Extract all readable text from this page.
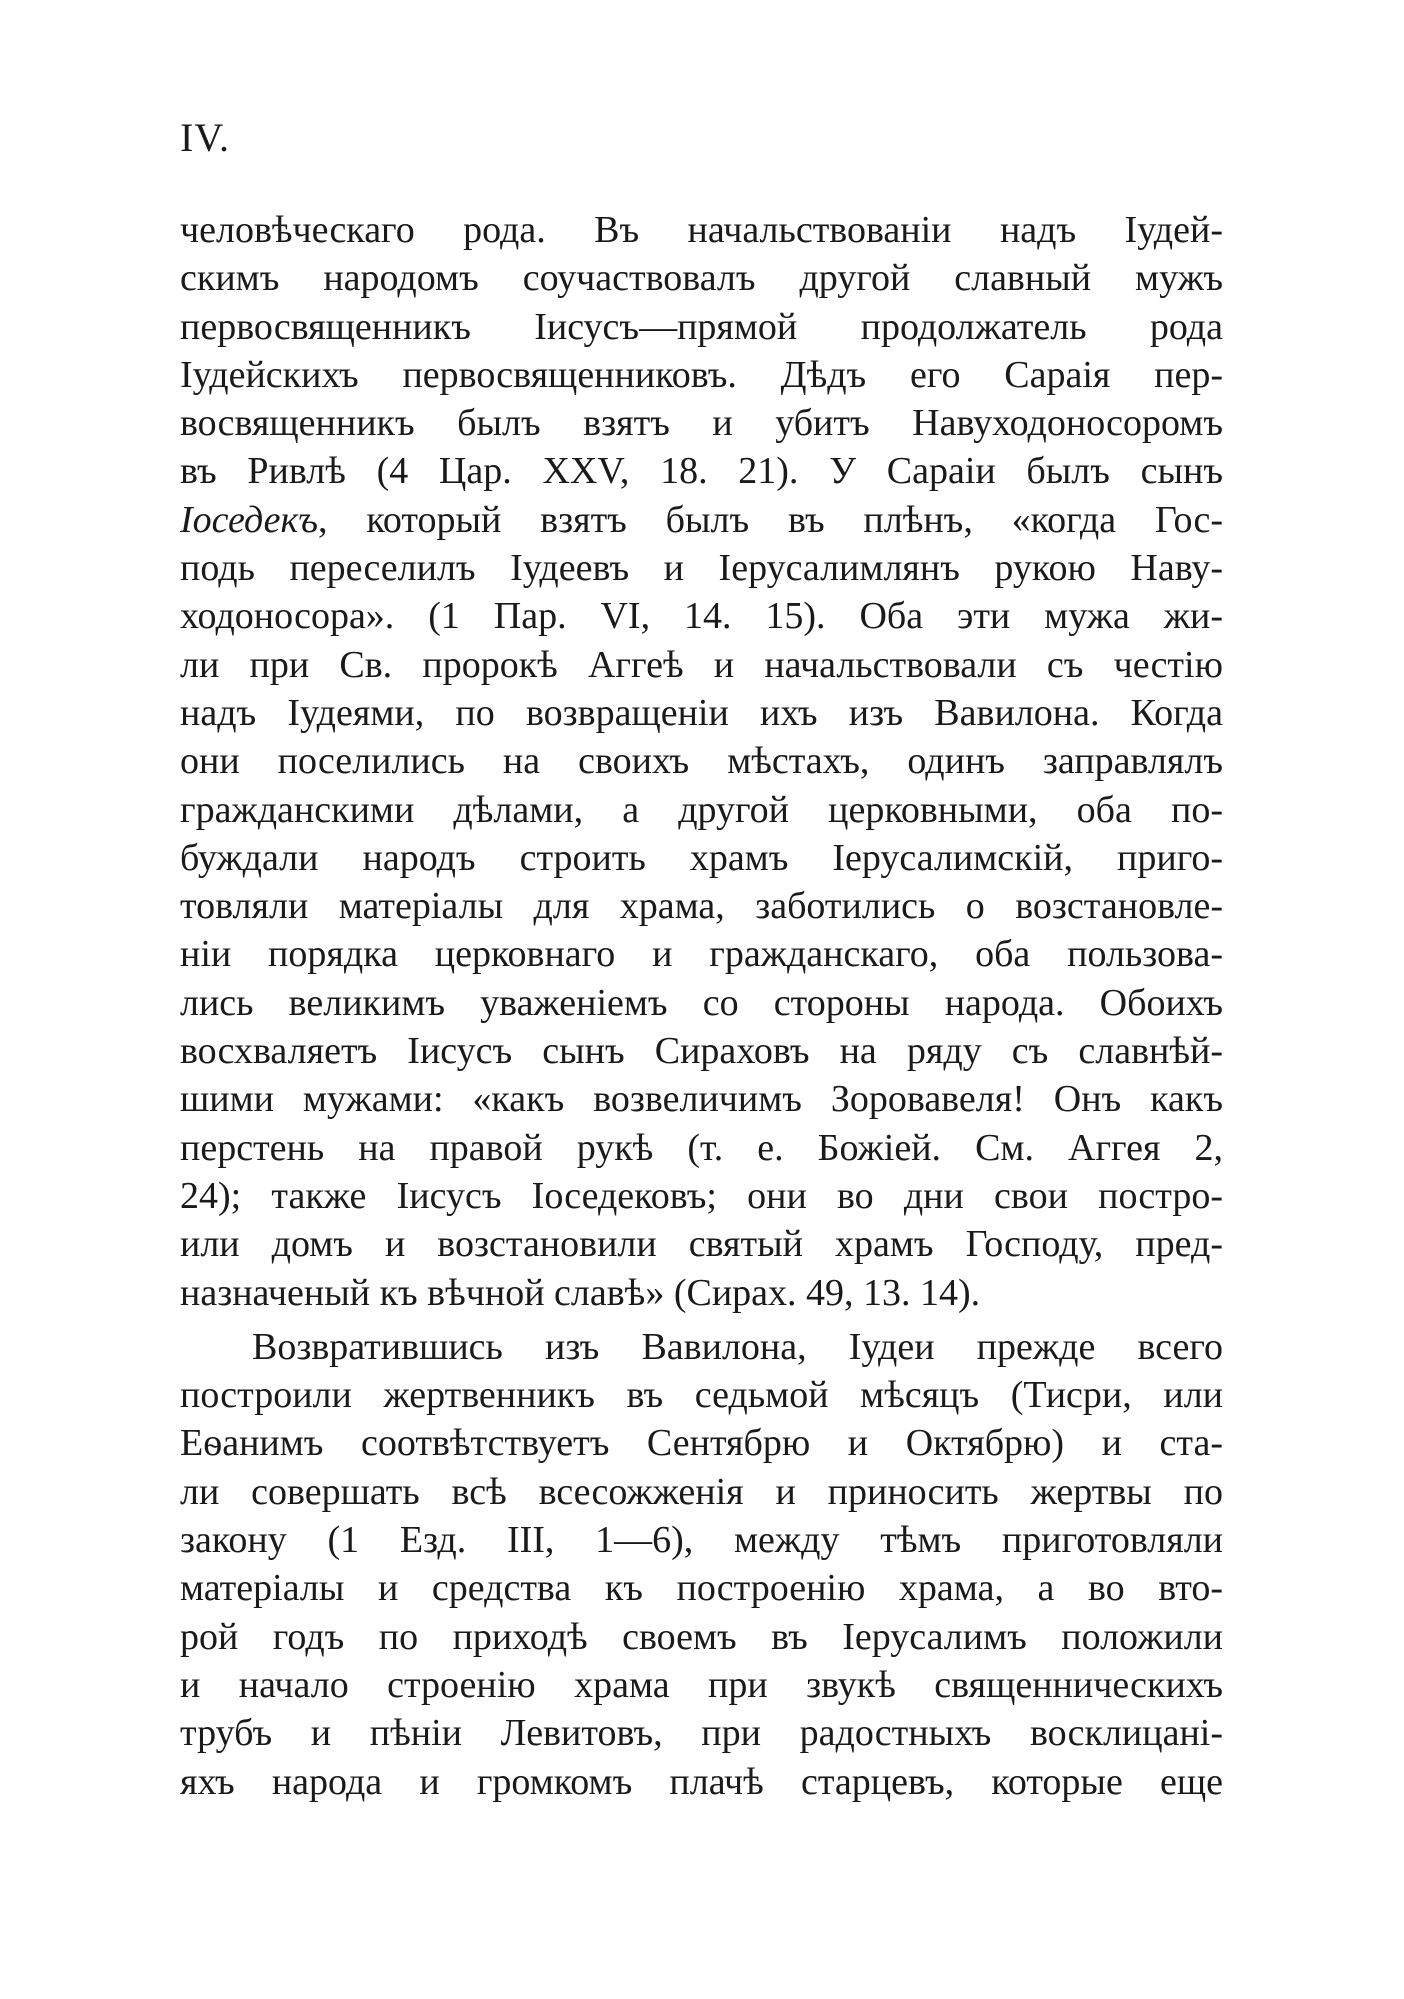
IV.
человѣческаго рода. Въ начальствованіи надъ Іудей-
скимъ народомъ соучаствовалъ другой славный мужъ
первосвященникъ Іисусъ—прямой продолжатель рода
Іудейскихъ первосвященниковъ. Дѣдъ его Сараія пер-
восвященникъ былъ взятъ и убитъ Навуходоносоромъ
въ Ривлѣ (4 Цар. XXV, 18. 21). У Сараіи былъ сынъ
Іоседекъ, который взятъ былъ въ плѣнъ, «когда Гос-
подь переселилъ Іудеевъ и Іерусалимлянъ рукою Наву-
ходоносора». (1 Пар. VI, 14. 15). Оба эти мужа жи-
ли при Св. пророкѣ Аггеѣ и начальствовали съ честію
надъ Іудеями, по возвращеніи ихъ изъ Вавилона. Когда
они поселились на своихъ мѣстахъ, одинъ заправлялъ
гражданскими дѣлами, а другой церковными, оба по-
буждали народъ строить храмъ Іерусалимскій, приго-
товляли матеріалы для храма, заботились о возстановле-
ніи порядка церковнаго и гражданскаго, оба пользова-
лись великимъ уваженіемъ со стороны народа. Обоихъ
восхваляетъ Іисусъ сынъ Сираховъ на ряду съ славнѣй-
шими мужами: «какъ возвеличимъ Зоровавеля! Онъ какъ
перстень на правой рукѣ (т. е. Божіей. См. Аггея 2,
24); также Іисусъ Іоседековъ; они во дни свои постро-
или домъ и возстановили святый храмъ Господу, пред-
назначеный къ вѣчной славѣ» (Сирах. 49, 13. 14).
Возвратившись изъ Вавилона, Іудеи прежде всего
построили жертвенникъ въ седьмой мѣсяцъ (Тисри, или
Еѳанимъ соотвѣтствуетъ Сентябрю и Октябрю) и ста-
ли совершать всѣ всесожженія и приносить жертвы по
закону (1 Езд. III, 1—6), между тѣмъ приготовляли
матеріалы и средства къ построенію храма, а во вто-
рой годъ по приходѣ своемъ въ Іерусалимъ положили
и начало строенію храма при звукѣ священническихъ
трубъ и пѣніи Левитовъ, при радостныхъ восклицані-
яхъ народа и громкомъ плачѣ старцевъ, которые еще
